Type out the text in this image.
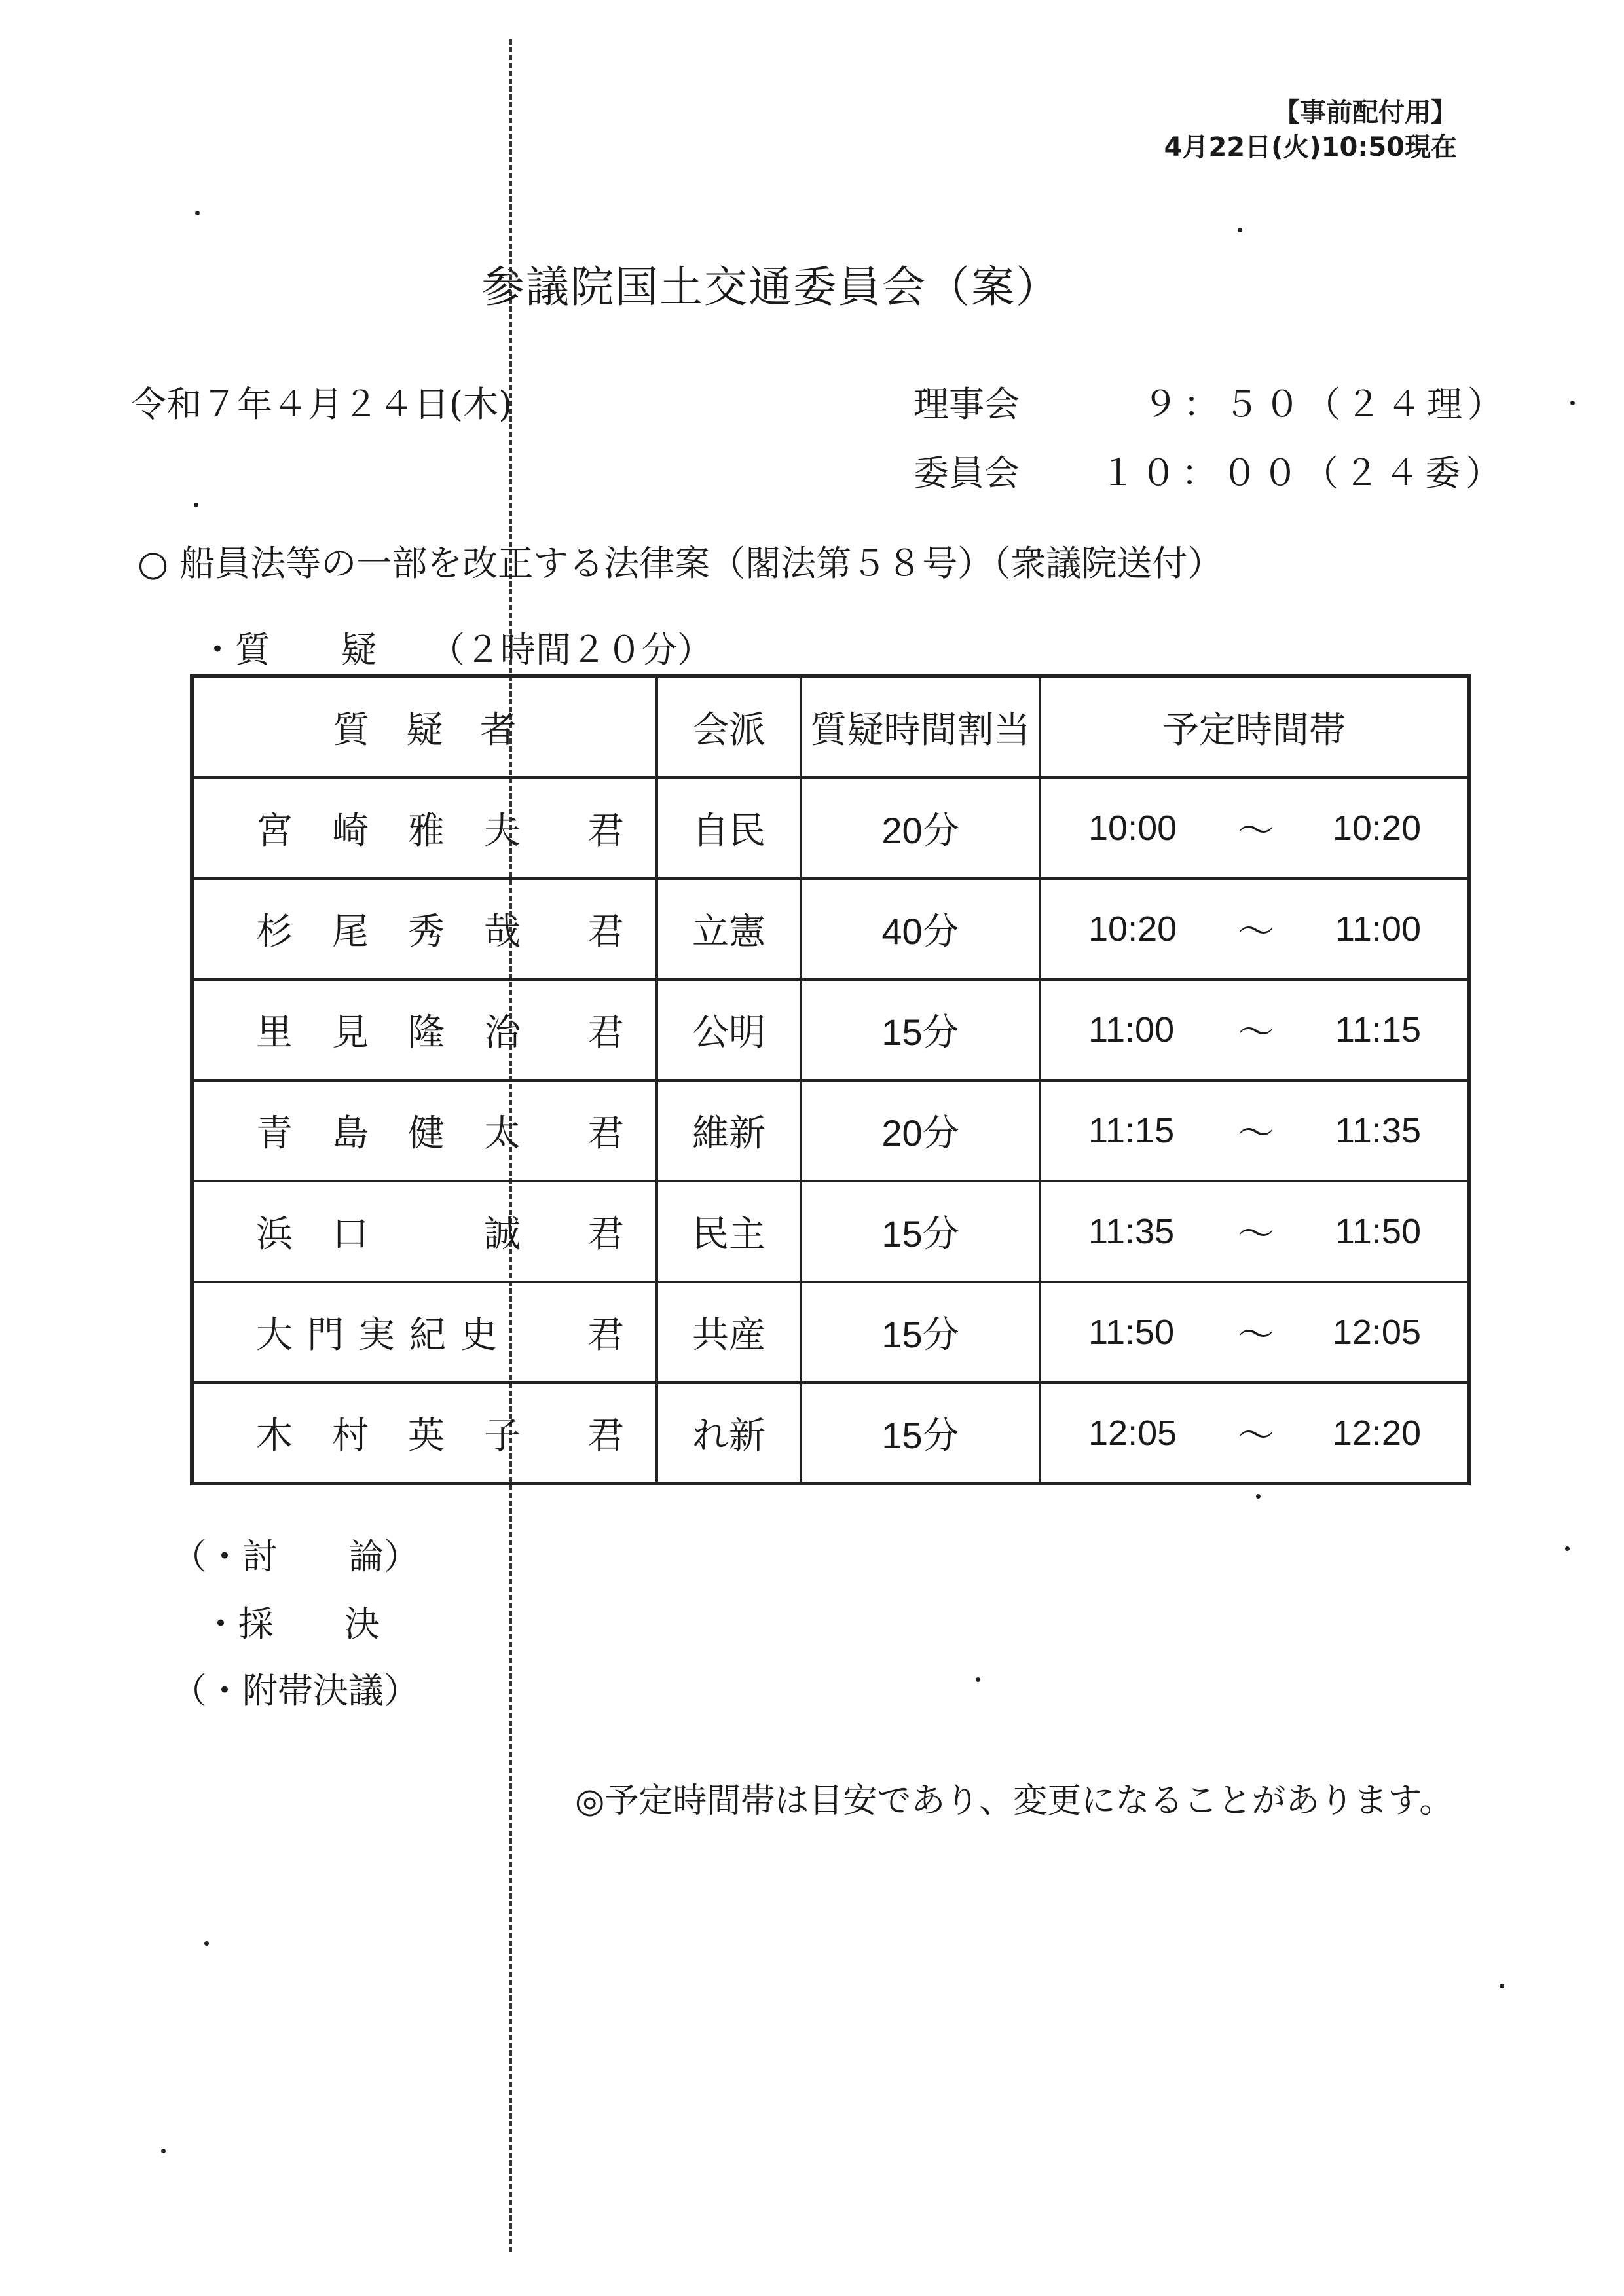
【事前配付用】
4月22日(火)10:50現在
参議院国土交通委員会（案）
令和７年４月２４日(木)	理事会	９：５０（２４理）
委員会 １０：００（２４委）
○ 船員法等の一部を改正する法律案（閣法第５８号）（衆議院送付）
・質　　疑　　（２時間２０分）
質　疑　者	会派	質疑時間割当	予定時間帯

宮崎雅夫 君	自民	20分	10:00 ～ 10:20

杉尾秀哉 君	立憲	40分	10:20 ～ 11:00

里見隆治 君	公明	15分	11:00 ～ 11:15

青島健太 君	維新	20分	11:15 ～ 11:35

浜口　誠 君	民主	15分	11:35 ～ 11:50

大門実紀史 君	共産	15分	11:50 ～ 12:05

木村英子 君	れ新	15分	12:05 ～ 12:20
（・討　　論）
・採　　決
（・附帯決議）
◎予定時間帯は目安であり、変更になることがあります。
